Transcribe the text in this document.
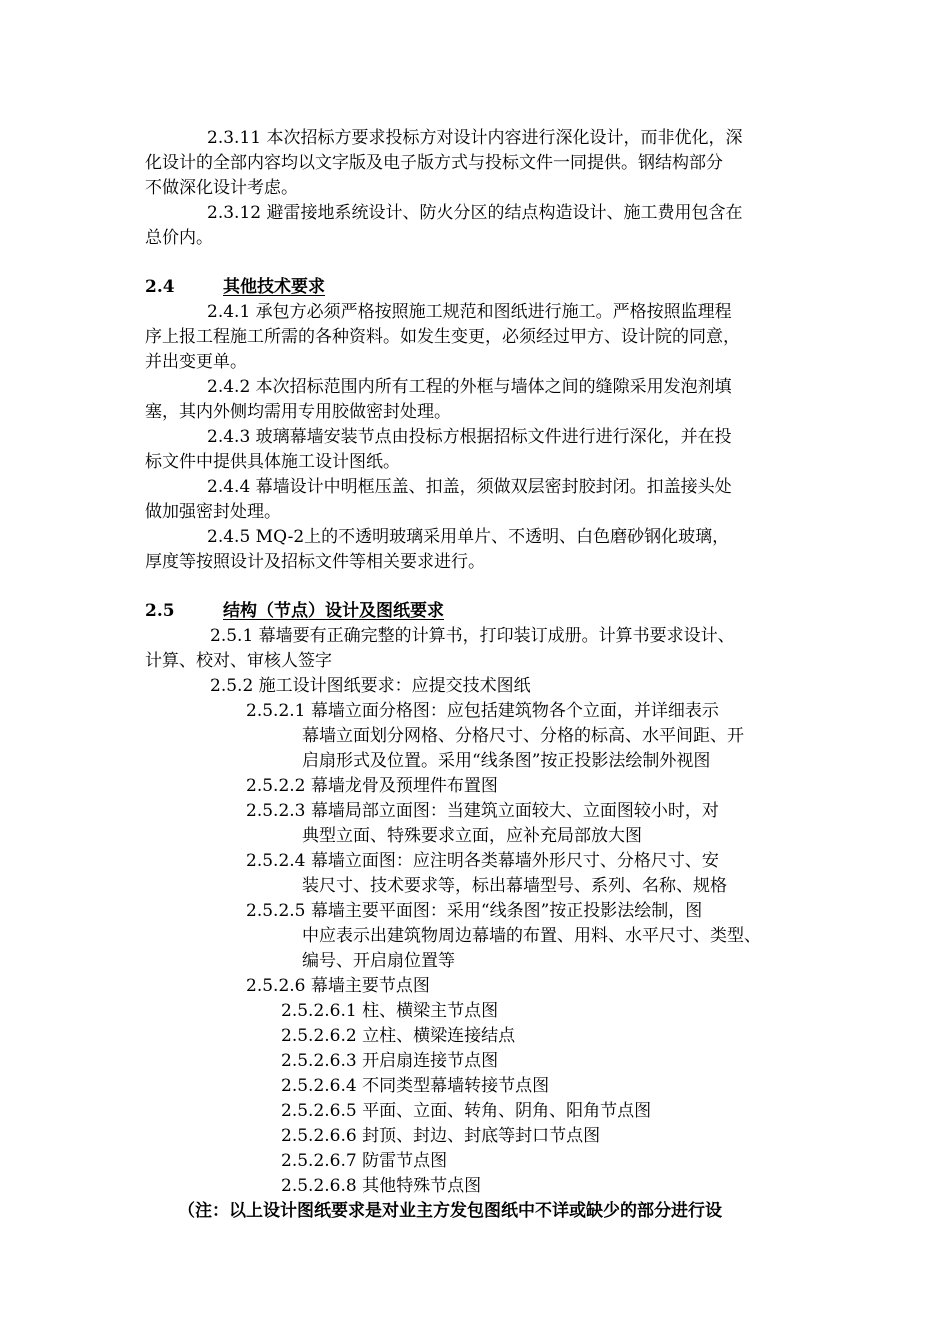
2.3.11 本次招标方要求投标方对设计内容进行深化设计，而非优化，深
化设计的全部内容均以文字版及电子版方式与投标文件一同提供。钢结构部分
不做深化设计考虑。
2.3.12 避雷接地系统设计、防火分区的结点构造设计、施工费用包含在
总价内。
2.4	其他技术要求
2.4.1 承包方必须严格按照施工规范和图纸进行施工。严格按照监理程
序上报工程施工所需的各种资料。如发生变更，必须经过甲方、设计院的同意，
并出变更单。
2.4.2 本次招标范围内所有工程的外框与墙体之间的缝隙采用发泡剂填
塞，其内外侧均需用专用胶做密封处理。
2.4.3 玻璃幕墙安装节点由投标方根据招标文件进行进行深化，并在投
标文件中提供具体施工设计图纸。
2.4.4 幕墙设计中明框压盖、扣盖，须做双层密封胶封闭。扣盖接头处
做加强密封处理。
2.4.5 MQ-2上的不透明玻璃采用单片、不透明、白色磨砂钢化玻璃，
厚度等按照设计及招标文件等相关要求进行。
2.5	结构（节点）设计及图纸要求
2.5.1 幕墙要有正确完整的计算书，打印装订成册。计算书要求设计、
计算、校对、审核人签字
2.5.2 施工设计图纸要求：应提交技术图纸
2.5.2.1 幕墙立面分格图：应包括建筑物各个立面，并详细表示
幕墙立面划分网格、分格尺寸、分格的标高、水平间距、开
启扇形式及位置。采用“线条图”按正投影法绘制外视图
2.5.2.2 幕墙龙骨及预埋件布置图
2.5.2.3 幕墙局部立面图：当建筑立面较大、立面图较小时，对
典型立面、特殊要求立面，应补充局部放大图
2.5.2.4 幕墙立面图：应注明各类幕墙外形尺寸、分格尺寸、安
装尺寸、技术要求等，标出幕墙型号、系列、名称、规格
2.5.2.5 幕墙主要平面图：采用“线条图”按正投影法绘制，图
中应表示出建筑物周边幕墙的布置、用料、水平尺寸、类型、
编号、开启扇位置等
2.5.2.6 幕墙主要节点图
2.5.2.6.1 柱、横梁主节点图
2.5.2.6.2 立柱、横梁连接结点
2.5.2.6.3 开启扇连接节点图
2.5.2.6.4 不同类型幕墙转接节点图
2.5.2.6.5 平面、立面、转角、阴角、阳角节点图
2.5.2.6.6 封顶、封边、封底等封口节点图
2.5.2.6.7 防雷节点图
2.5.2.6.8 其他特殊节点图
（注：以上设计图纸要求是对业主方发包图纸中不详或缺少的部分进行设
